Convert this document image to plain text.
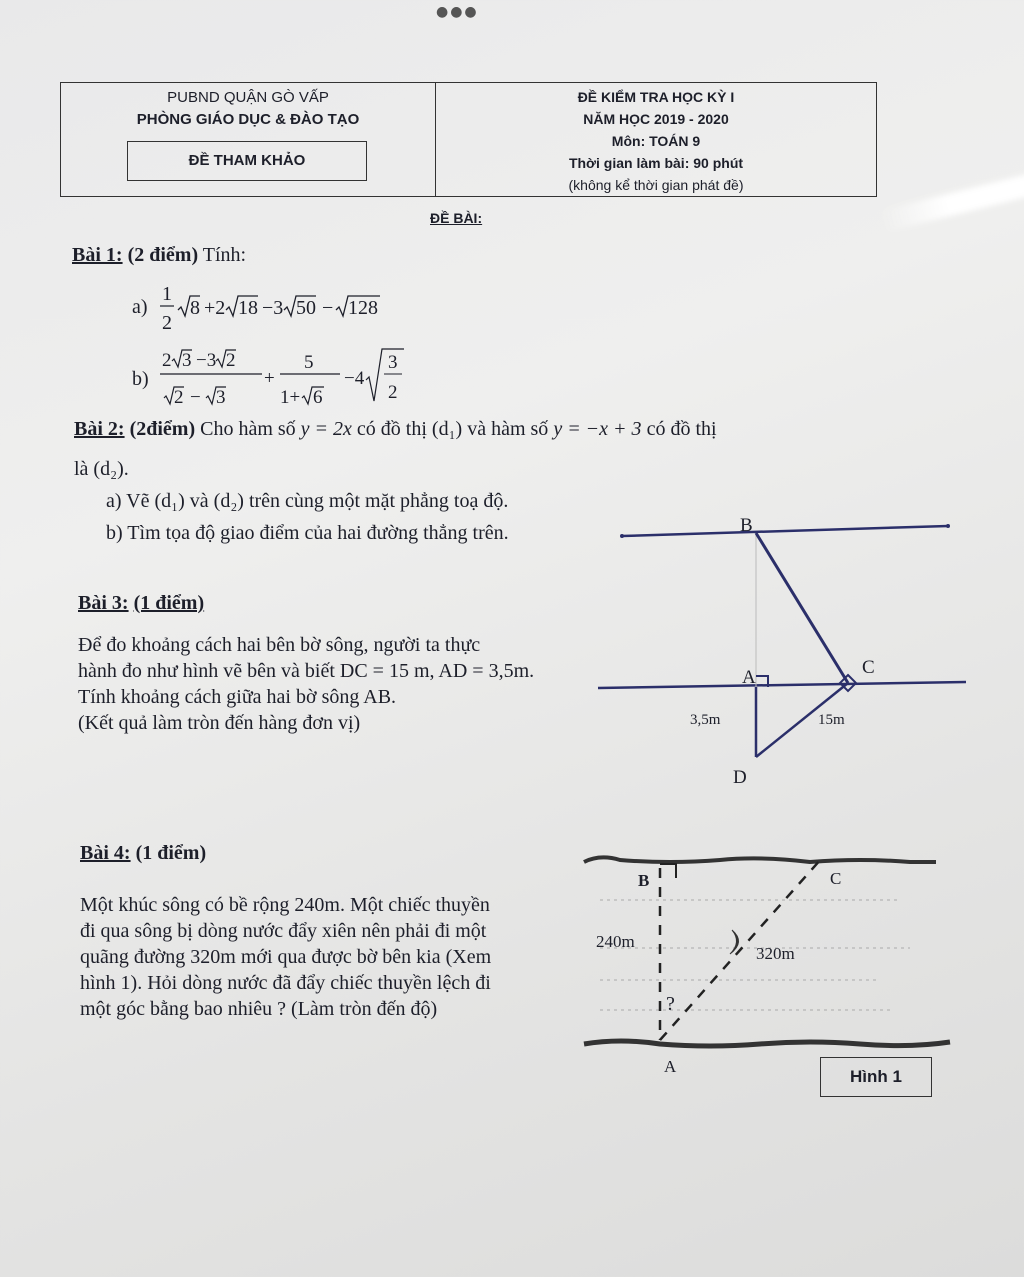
●●●
PUBND QUẬN GÒ VẤP
PHÒNG GIÁO DỤC & ĐÀO TẠO
ĐỀ THAM KHẢO
ĐỀ KIỂM TRA HỌC KỲ I
NĂM HỌC 2019 - 2020
Môn: TOÁN 9
Thời gian làm bài: 90 phút
(không kể thời gian phát đề)
ĐỀ BÀI:
Bài 1: (2 điểm) Tính:
a)
1
2
8 +2 18 −3 50 − 128
b)
2 3 −3 2
2 − 3
+
5
1+ 6
−4
3
2
Bài 2: (2điểm) Cho hàm số y = 2x có đồ thị (d₁) và hàm số y = −x + 3 có đồ thị
là (d₂).
a) Vẽ (d₁) và (d₂) trên cùng một mặt phẳng toạ độ.
b) Tìm tọa độ giao điểm của hai đường thẳng trên.
Bài 3: (1 điểm)
Để đo khoảng cách hai bên bờ sông, người ta thực
hành đo như hình vẽ bên và biết DC = 15 m, AD = 3,5m.
Tính khoảng cách giữa hai bờ sông AB.
(Kết quả làm tròn đến hàng đơn vị)
B
A	C
D
3,5m	15m
Bài 4: (1 điểm)
Một khúc sông có bề rộng 240m. Một chiếc thuyền
đi qua sông bị dòng nước đẩy xiên nên phải đi một
quãng đường 320m mới qua được bờ bên kia (Xem
hình 1). Hỏi dòng nước đã đẩy chiếc thuyền lệch đi
một góc bằng bao nhiêu ? (Làm tròn đến độ)
B	C
A
?
240m
320m
Hình 1
